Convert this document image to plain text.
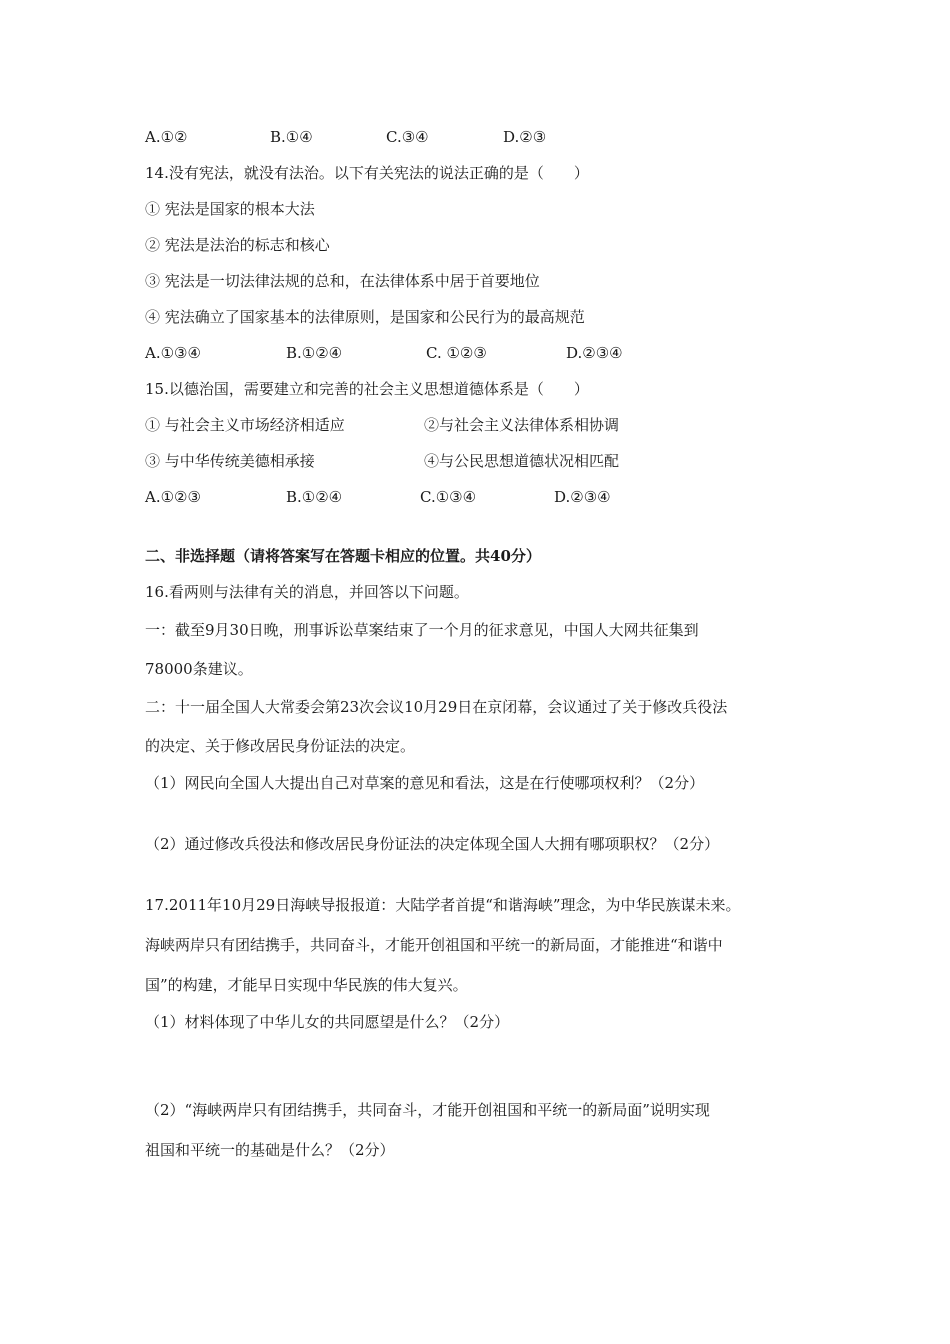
A.①②	B.①④	C.③④	D.②③
14.没有宪法，就没有法治。以下有关宪法的说法正确的是（　　）
① 宪法是国家的根本大法
② 宪法是法治的标志和核心
③ 宪法是一切法律法规的总和，在法律体系中居于首要地位
④ 宪法确立了国家基本的法律原则，是国家和公民行为的最高规范
A.①③④	B.①②④	C. ①②③	D.②③④
15.以德治国，需要建立和完善的社会主义思想道德体系是（　　）
① 与社会主义市场经济相适应	②与社会主义法律体系相协调
③ 与中华传统美德相承接	④与公民思想道德状况相匹配
A.①②③	B.①②④	C.①③④	D.②③④
二、非选择题（请将答案写在答题卡相应的位置。共40分）
16.看两则与法律有关的消息，并回答以下问题。
一：截至9月30日晚，刑事诉讼草案结束了一个月的征求意见，中国人大网共征集到
78000条建议。
二：十一届全国人大常委会第23次会议10月29日在京闭幕，会议通过了关于修改兵役法
的决定、关于修改居民身份证法的决定。
（1）网民向全国人大提出自己对草案的意见和看法，这是在行使哪项权利？（2分）
（2）通过修改兵役法和修改居民身份证法的决定体现全国人大拥有哪项职权？（2分）
17.2011年10月29日海峡导报报道：大陆学者首提“和谐海峡”理念，为中华民族谋未来。
海峡两岸只有团结携手，共同奋斗，才能开创祖国和平统一的新局面，才能推进“和谐中
国”的构建，才能早日实现中华民族的伟大复兴。
（1）材料体现了中华儿女的共同愿望是什么？（2分）
（2）“海峡两岸只有团结携手，共同奋斗，才能开创祖国和平统一的新局面”说明实现
祖国和平统一的基础是什么？（2分）
